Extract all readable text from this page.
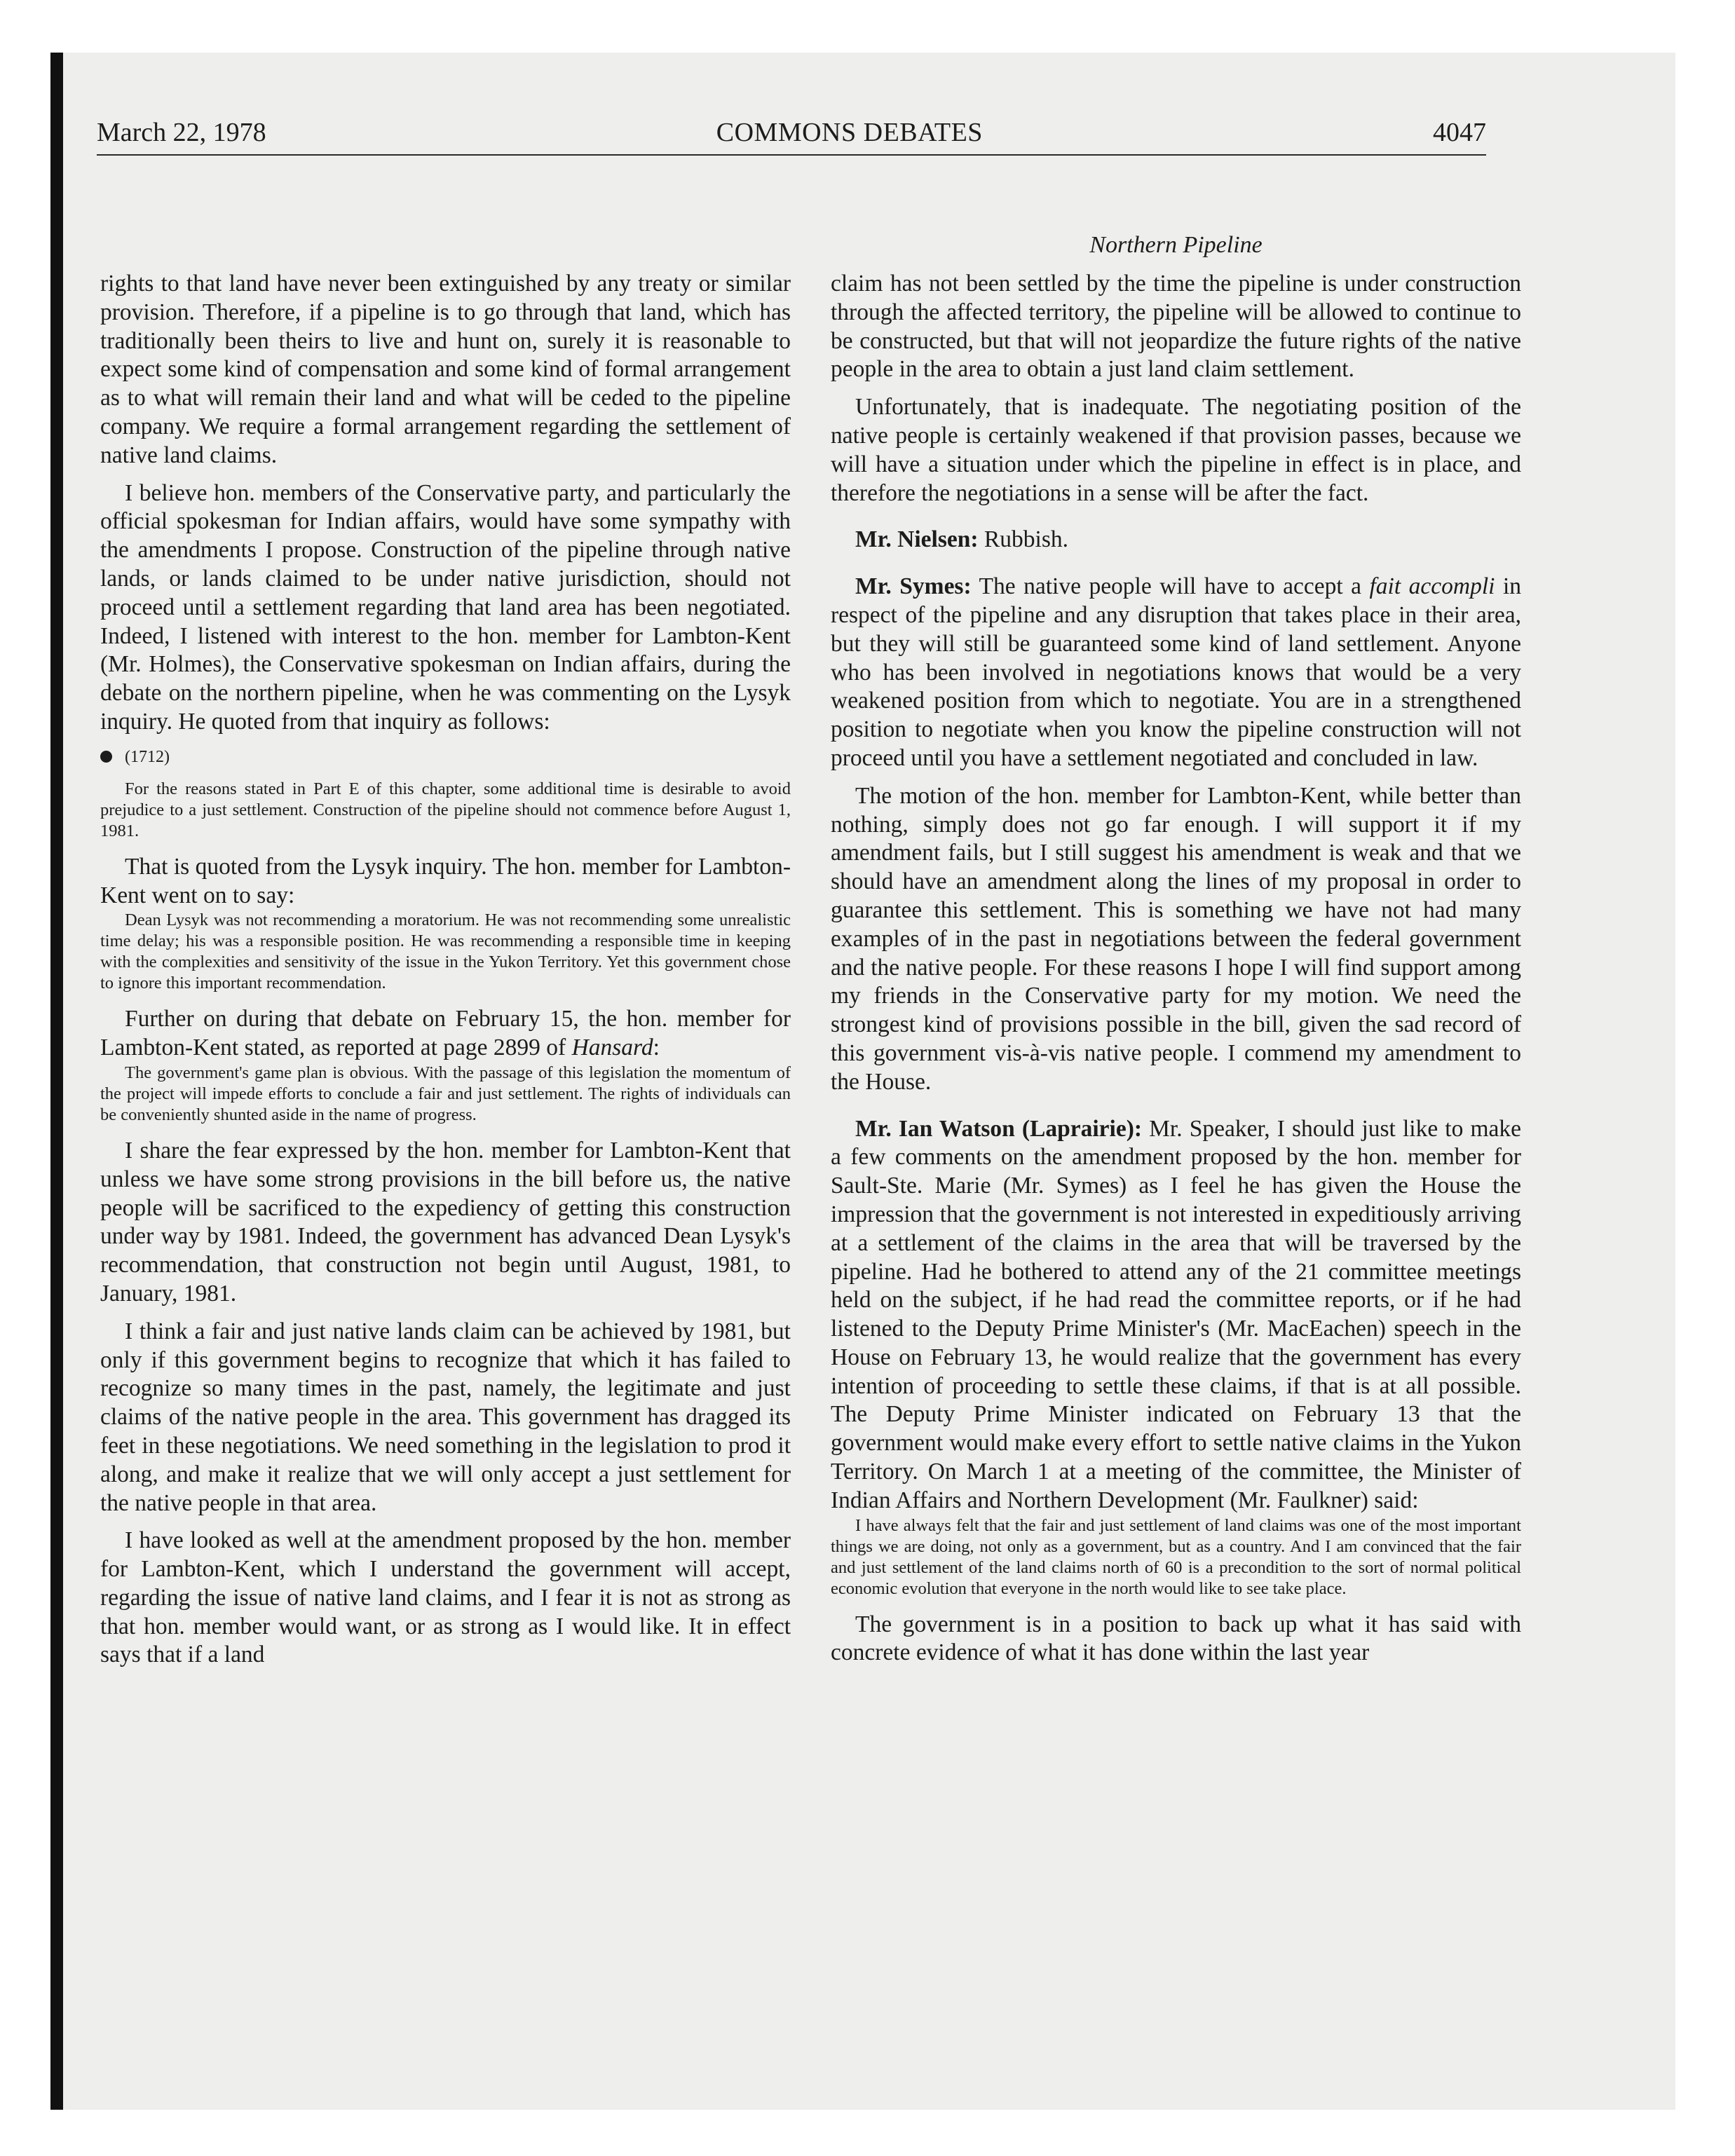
March 22, 1978	COMMONS DEBATES	4047
Northern Pipeline

rights to that land have never been extinguished by any treaty or similar provision. Therefore, if a pipeline is to go through that land, which has traditionally been theirs to live and hunt on, surely it is reasonable to expect some kind of compensation and some kind of formal arrangement as to what will remain their land and what will be ceded to the pipeline company. We require a formal arrangement regarding the settlement of native land claims.

I believe hon. members of the Conservative party, and particularly the official spokesman for Indian affairs, would have some sympathy with the amendments I propose. Construction of the pipeline through native lands, or lands claimed to be under native jurisdiction, should not proceed until a settlement regarding that land area has been negotiated. Indeed, I listened with interest to the hon. member for Lambton-Kent (Mr. Holmes), the Conservative spokesman on Indian affairs, during the debate on the northern pipeline, when he was commenting on the Lysyk inquiry. He quoted from that inquiry as follows:

(1712)

For the reasons stated in Part E of this chapter, some additional time is desirable to avoid prejudice to a just settlement. Construction of the pipeline should not commence before August 1, 1981.

That is quoted from the Lysyk inquiry. The hon. member for Lambton-Kent went on to say:

Dean Lysyk was not recommending a moratorium. He was not recommending some unrealistic time delay; his was a responsible position. He was recommending a responsible time in keeping with the complexities and sensitivity of the issue in the Yukon Territory. Yet this government chose to ignore this important recommendation.

Further on during that debate on February 15, the hon. member for Lambton-Kent stated, as reported at page 2899 of Hansard:

The government's game plan is obvious. With the passage of this legislation the momentum of the project will impede efforts to conclude a fair and just settlement. The rights of individuals can be conveniently shunted aside in the name of progress.

I share the fear expressed by the hon. member for Lambton-Kent that unless we have some strong provisions in the bill before us, the native people will be sacrificed to the expediency of getting this construction under way by 1981. Indeed, the government has advanced Dean Lysyk's recommendation, that construction not begin until August, 1981, to January, 1981.

I think a fair and just native lands claim can be achieved by 1981, but only if this government begins to recognize that which it has failed to recognize so many times in the past, namely, the legitimate and just claims of the native people in the area. This government has dragged its feet in these negotiations. We need something in the legislation to prod it along, and make it realize that we will only accept a just settlement for the native people in that area.

I have looked as well at the amendment proposed by the hon. member for Lambton-Kent, which I understand the government will accept, regarding the issue of native land claims, and I fear it is not as strong as that hon. member would want, or as strong as I would like. It in effect says that if a land

claim has not been settled by the time the pipeline is under construction through the affected territory, the pipeline will be allowed to continue to be constructed, but that will not jeopardize the future rights of the native people in the area to obtain a just land claim settlement.

Unfortunately, that is inadequate. The negotiating position of the native people is certainly weakened if that provision passes, because we will have a situation under which the pipeline in effect is in place, and therefore the negotiations in a sense will be after the fact.

Mr. Nielsen: Rubbish.

Mr. Symes: The native people will have to accept a fait accompli in respect of the pipeline and any disruption that takes place in their area, but they will still be guaranteed some kind of land settlement. Anyone who has been involved in negotiations knows that would be a very weakened position from which to negotiate. You are in a strengthened position to negotiate when you know the pipeline construction will not proceed until you have a settlement negotiated and concluded in law.

The motion of the hon. member for Lambton-Kent, while better than nothing, simply does not go far enough. I will support it if my amendment fails, but I still suggest his amendment is weak and that we should have an amendment along the lines of my proposal in order to guarantee this settlement. This is something we have not had many examples of in the past in negotiations between the federal government and the native people. For these reasons I hope I will find support among my friends in the Conservative party for my motion. We need the strongest kind of provisions possible in the bill, given the sad record of this government vis-à-vis native people. I commend my amendment to the House.

Mr. Ian Watson (Laprairie): Mr. Speaker, I should just like to make a few comments on the amendment proposed by the hon. member for Sault-Ste. Marie (Mr. Symes) as I feel he has given the House the impression that the government is not interested in expeditiously arriving at a settlement of the claims in the area that will be traversed by the pipeline. Had he bothered to attend any of the 21 committee meetings held on the subject, if he had read the committee reports, or if he had listened to the Deputy Prime Minister's (Mr. MacEachen) speech in the House on February 13, he would realize that the government has every intention of proceeding to settle these claims, if that is at all possible. The Deputy Prime Minister indicated on February 13 that the government would make every effort to settle native claims in the Yukon Territory. On March 1 at a meeting of the committee, the Minister of Indian Affairs and Northern Development (Mr. Faulkner) said:

I have always felt that the fair and just settlement of land claims was one of the most important things we are doing, not only as a government, but as a country. And I am convinced that the fair and just settlement of the land claims north of 60 is a precondition to the sort of normal political economic evolution that everyone in the north would like to see take place.

The government is in a position to back up what it has said with concrete evidence of what it has done within the last year
